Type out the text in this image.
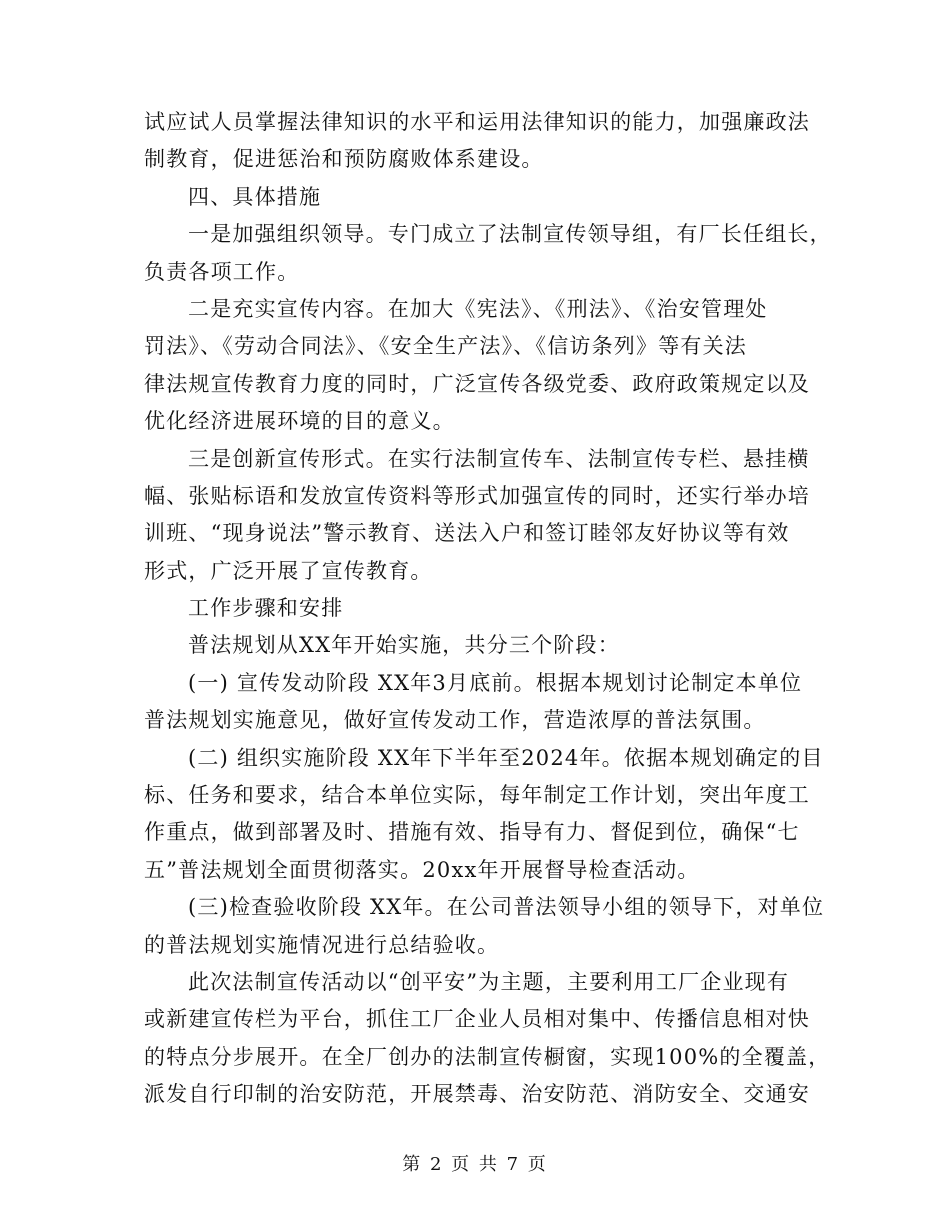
试应试人员掌握法律知识的水平和运用法律知识的能力，加强廉政法
制教育，促进惩治和预防腐败体系建设。
四、具体措施
一是加强组织领导。专门成立了法制宣传领导组，有厂长任组长，
负责各项工作。
二是充实宣传内容。在加大《宪法》、《刑法》、《治安管理处
罚法》、《劳动合同法》、《安全生产法》、《信访条列》等有关法
律法规宣传教育力度的同时，广泛宣传各级党委、政府政策规定以及
优化经济进展环境的目的意义。
三是创新宣传形式。在实行法制宣传车、法制宣传专栏、悬挂横
幅、张贴标语和发放宣传资料等形式加强宣传的同时，还实行举办培
训班、“现身说法”警示教育、送法入户和签订睦邻友好协议等有效
形式，广泛开展了宣传教育。
工作步骤和安排
普法规划从XX年开始实施，共分三个阶段：
(一) 宣传发动阶段 XX年3月底前。根据本规划讨论制定本单位
普法规划实施意见，做好宣传发动工作，营造浓厚的普法氛围。
(二) 组织实施阶段 XX年下半年至2024年。依据本规划确定的目
标、任务和要求，结合本单位实际，每年制定工作计划，突出年度工
作重点，做到部署及时、措施有效、指导有力、督促到位，确保“七
五”普法规划全面贯彻落实。20xx年开展督导检查活动。
(三)检查验收阶段 XX年。在公司普法领导小组的领导下，对单位
的普法规划实施情况进行总结验收。
此次法制宣传活动以“创平安”为主题，主要利用工厂企业现有
或新建宣传栏为平台，抓住工厂企业人员相对集中、传播信息相对快
的特点分步展开。在全厂创办的法制宣传橱窗，实现100%的全覆盖，
派发自行印制的治安防范，开展禁毒、治安防范、消防安全、交通安
第 2 页 共 7 页
